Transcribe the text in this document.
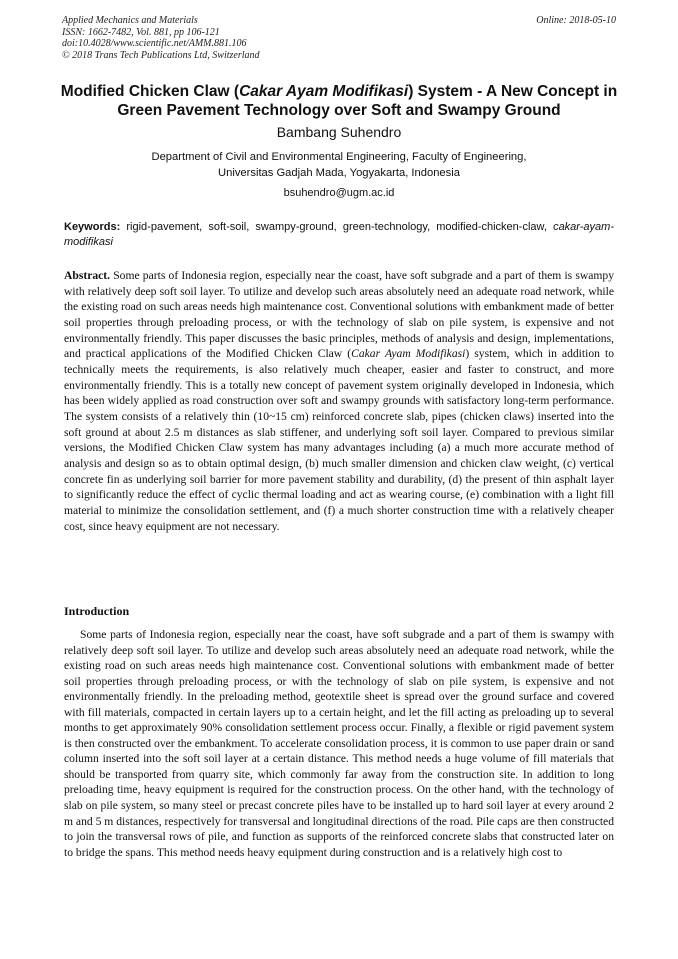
Applied Mechanics and Materials
ISSN: 1662-7482, Vol. 881, pp 106-121
doi:10.4028/www.scientific.net/AMM.881.106
© 2018 Trans Tech Publications Ltd, Switzerland
Online: 2018-05-10
Modified Chicken Claw (Cakar Ayam Modifikasi) System - A New Concept in Green Pavement Technology over Soft and Swampy Ground
Bambang Suhendro
Department of Civil and Environmental Engineering, Faculty of Engineering,
Universitas Gadjah Mada, Yogyakarta, Indonesia
bsuhendro@ugm.ac.id
Keywords: rigid-pavement, soft-soil, swampy-ground, green-technology, modified-chicken-claw, cakar-ayam-modifikasi
Abstract. Some parts of Indonesia region, especially near the coast, have soft subgrade and a part of them is swampy with relatively deep soft soil layer. To utilize and develop such areas absolutely need an adequate road network, while the existing road on such areas needs high maintenance cost. Conventional solutions with embankment made of better soil properties through preloading process, or with the technology of slab on pile system, is expensive and not environmentally friendly. This paper discusses the basic principles, methods of analysis and design, implementations, and practical applications of the Modified Chicken Claw (Cakar Ayam Modifikasi) system, which in addition to technically meets the requirements, is also relatively much cheaper, easier and faster to construct, and more environmentally friendly. This is a totally new concept of pavement system originally developed in Indonesia, which has been widely applied as road construction over soft and swampy grounds with satisfactory long-term performance. The system consists of a relatively thin (10~15 cm) reinforced concrete slab, pipes (chicken claws) inserted into the soft ground at about 2.5 m distances as slab stiffener, and underlying soft soil layer. Compared to previous similar versions, the Modified Chicken Claw system has many advantages including (a) a much more accurate method of analysis and design so as to obtain optimal design, (b) much smaller dimension and chicken claw weight, (c) vertical concrete fin as underlying soil barrier for more pavement stability and durability, (d) the present of thin asphalt layer to significantly reduce the effect of cyclic thermal loading and act as wearing course, (e) combination with a light fill material to minimize the consolidation settlement, and (f) a much shorter construction time with a relatively cheaper cost, since heavy equipment are not necessary.
Introduction
Some parts of Indonesia region, especially near the coast, have soft subgrade and a part of them is swampy with relatively deep soft soil layer. To utilize and develop such areas absolutely need an adequate road network, while the existing road on such areas needs high maintenance cost. Conventional solutions with embankment made of better soil properties through preloading process, or with the technology of slab on pile system, is expensive and not environmentally friendly. In the preloading method, geotextile sheet is spread over the ground surface and covered with fill materials, compacted in certain layers up to a certain height, and let the fill acting as preloading up to several months to get approximately 90% consolidation settlement process occur. Finally, a flexible or rigid pavement system is then constructed over the embankment. To accelerate consolidation process, it is common to use paper drain or sand column inserted into the soft soil layer at a certain distance. This method needs a huge volume of fill materials that should be transported from quarry site, which commonly far away from the construction site. In addition to long preloading time, heavy equipment is required for the construction process. On the other hand, with the technology of slab on pile system, so many steel or precast concrete piles have to be installed up to hard soil layer at every around 2 m and 5 m distances, respectively for transversal and longitudinal directions of the road. Pile caps are then constructed to join the transversal rows of pile, and function as supports of the reinforced concrete slabs that constructed later on to bridge the spans. This method needs heavy equipment during construction and is a relatively high cost to
